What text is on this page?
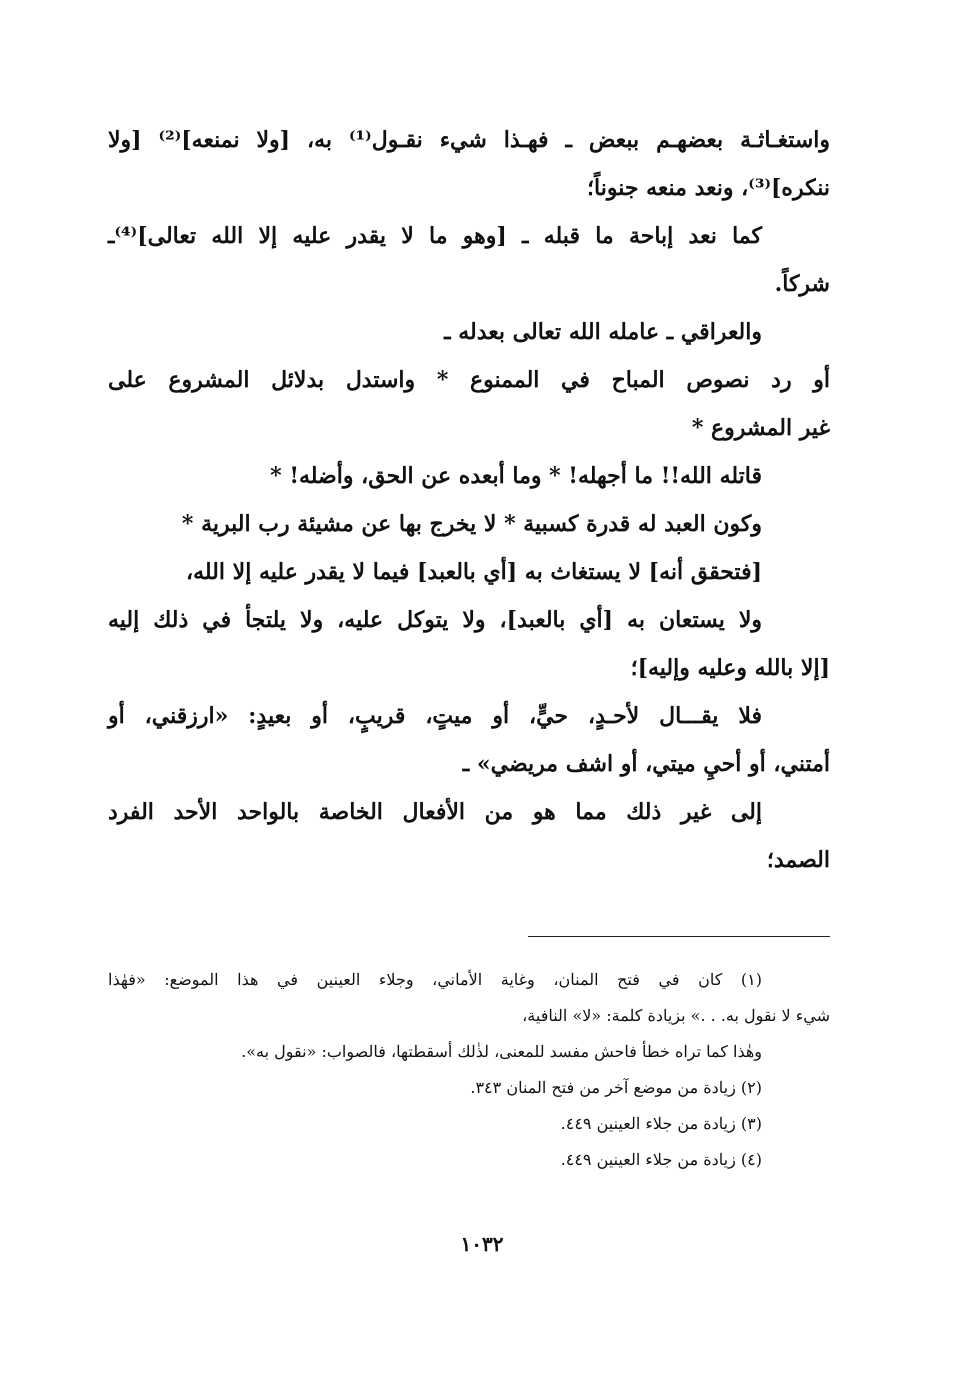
واستغـاثـة بعضهـم ببعض ـ فهـذا شيء نقـول⁽¹⁾ به، [ولا نمنعه]⁽²⁾ [ولا
ننكره]⁽³⁾، ونعد منعه جنوناً؛
كما نعد إباحة ما قبله ـ [وهو ما لا يقدر عليه إلا الله تعالى]⁽⁴⁾ـ
شركاً.
والعراقي ـ عامله الله تعالى بعدله ـ
أو رد نصوص المباح في الممنوع * واستدل بدلائل المشروع على
غير المشروع *
قاتله الله!! ما أجهله! * وما أبعده عن الحق، وأضله! *
وكون العبد له قدرة كسبية * لا يخرج بها عن مشيئة رب البرية *
[فتحقق أنه] لا يستغاث به [أي بالعبد] فيما لا يقدر عليه إلا الله،
ولا يستعان به [أي بالعبد]، ولا يتوكل عليه، ولا يلتجأ في ذلك إليه
[إلا بالله وعليه وإليه]؛
فلا يقـــال لأحـدٍ، حيٍّ، أو ميتٍ، قريبٍ، أو بعيدٍ: «ارزقني، أو
أمتني، أو أحيِ ميتي، أو اشف مريضي» ـ
إلى غير ذلك مما هو من الأفعال الخاصة بالواحد الأحد الفرد
الصمد؛
(١) كان في فتح المنان، وغاية الأماني، وجلاء العينين في هذا الموضع: «فهٰذا
شيء لا نقول به. . .» بزيادة كلمة: «لا» النافية،
وهٰذا كما تراه خطأ فاحش مفسد للمعنى، لذٰلك أسقطتها، فالصواب: «نقول به».
(٢) زيادة من موضع آخر من فتح المنان ٣٤٣.
(٣) زيادة من جلاء العينين ٤٤٩.
(٤) زيادة من جلاء العينين ٤٤٩.
١٠٣٢
